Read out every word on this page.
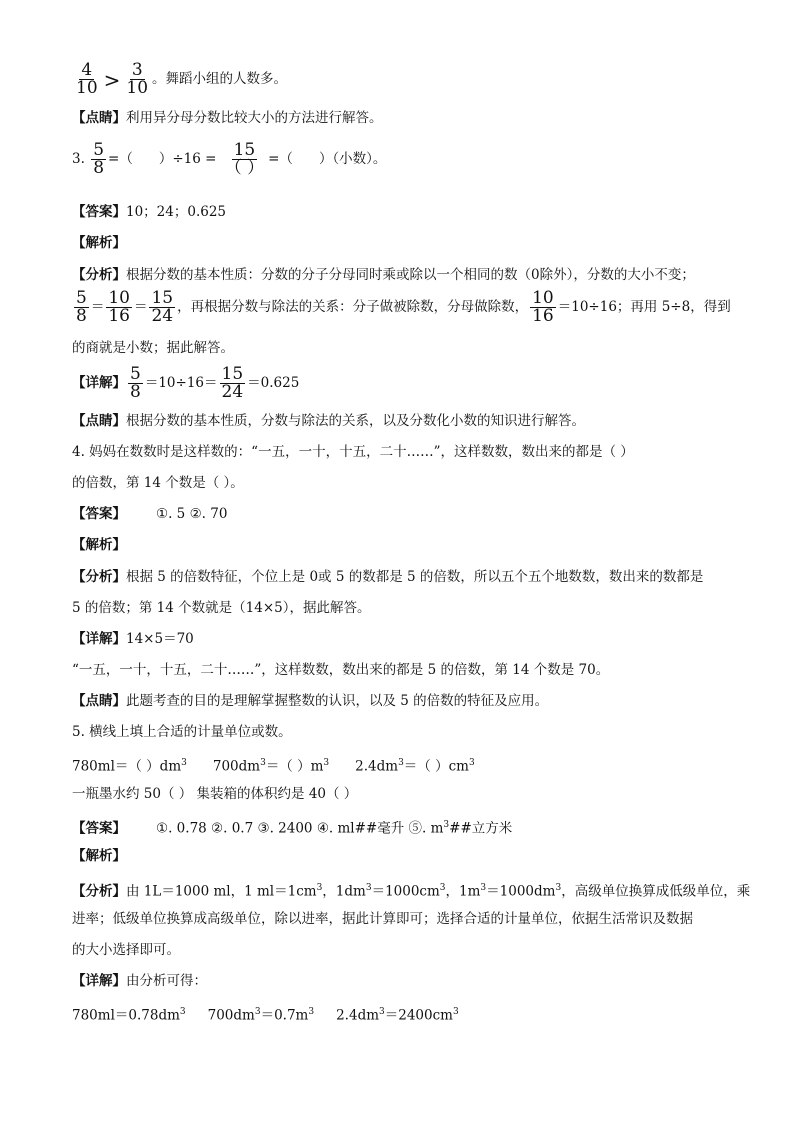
$\frac{4}{10} > \frac{3}{10}$ 。舞蹈小组的人数多。
【点睛】利用异分母分数比较大小的方法进行解答。
3. $\frac{5}{8}$ =（ ）$\div 16 = \frac{15}{( )}$ =（ ）（小数）。
【答案】10；24；0.625
【解析】
【分析】根据分数的基本性质：分数的分子分母同时乘或除以一个相同的数（0除外），分数的大小不变；
$\frac{5}{8} = \frac{10}{16} = \frac{15}{24}$ ，再根据分数与除法的关系：分子做被除数，分母做除数， $\frac{10}{16} =10\div 16$；再用 5÷8，得到
的商就是小数；据此解答。
【详解】 $\frac{5}{8} =10\div 16= \frac{15}{24} =0.625$
【点睛】根据分数的基本性质，分数与除法的关系，以及分数化小数的知识进行解答。
4. 妈妈在数数时是这样数的：“一五，一十，十五，二十……”，这样数数，数出来的都是（ ）
的倍数，第 14 个数是（ ）。
【答案】 ①. 5 ②. 70
【解析】
【分析】根据 5 的倍数特征，个位上是 0或 5 的数都是 5 的倍数，所以五个五个地数数，数出来的数都是
5 的倍数；第 14 个数就是（14×5），据此解答。
【详解】14×5＝70
“一五，一十，十五，二十……”，这样数数，数出来的都是 5 的倍数，第 14 个数是 70。
【点睛】此题考查的目的是理解掌握整数的认识，以及 5 的倍数的特征及应用。
5. 横线上填上合适的计量单位或数。
780ml＝（ ）$dm^3$ $700dm^3=$（ ）$m^3$ $2.4dm^3=$（ ）$cm^3$
一瓶墨水约 50（ ） 集装箱的体积约是 40（ ）
【答案】 ①. 0.78 ②. 0.7 ③. 2400 ④. ml##毫升 ⑤. $m^3\#\#$立方米
【解析】
【分析】由 1L＝1000 ml，1 $ml=1cm^3$，$1dm^3=1000cm^3$，$1m^3=1000dm^3$，高级单位换算成低级单位，乘
进率；低级单位换算成高级单位，除以进率，据此计算即可；选择合适的计量单位，依据生活常识及数据
的大小选择即可。
【详解】由分析可得：
$780ml=0.78dm^3$ $700dm^3=0.7m^3$ $2.4dm^3=2400cm^3$
